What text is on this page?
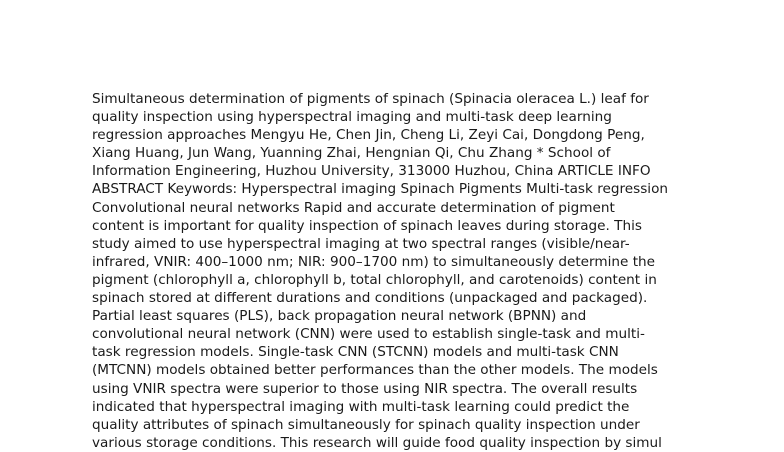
Simultaneous determination of pigments of spinach (Spinacia oleracea L.) leaf for
quality inspection using hyperspectral imaging and multi-task deep learning
regression approaches Mengyu He, Chen Jin, Cheng Li, Zeyi Cai, Dongdong Peng,
Xiang Huang, Jun Wang, Yuanning Zhai, Hengnian Qi, Chu Zhang * School of
Information Engineering, Huzhou University, 313000 Huzhou, China ARTICLE INFO
ABSTRACT Keywords: Hyperspectral imaging Spinach Pigments Multi-task regression
Convolutional neural networks Rapid and accurate determination of pigment
content is important for quality inspection of spinach leaves during storage. This
study aimed to use hyperspectral imaging at two spectral ranges (visible/near-
infrared, VNIR: 400–1000 nm; NIR: 900–1700 nm) to simultaneously determine the
pigment (chlorophyll a, chlorophyll b, total chlorophyll, and carotenoids) content in
spinach stored at different durations and conditions (unpackaged and packaged).
Partial least squares (PLS), back propagation neural network (BPNN) and
convolutional neural network (CNN) were used to establish single-task and multi-
task regression models. Single-task CNN (STCNN) models and multi-task CNN
(MTCNN) models obtained better performances than the other models. The models
using VNIR spectra were superior to those using NIR spectra. The overall results
indicated that hyperspectral imaging with multi-task learning could predict the
quality attributes of spinach simultaneously for spinach quality inspection under
various storage conditions. This research will guide food quality inspection by simul
